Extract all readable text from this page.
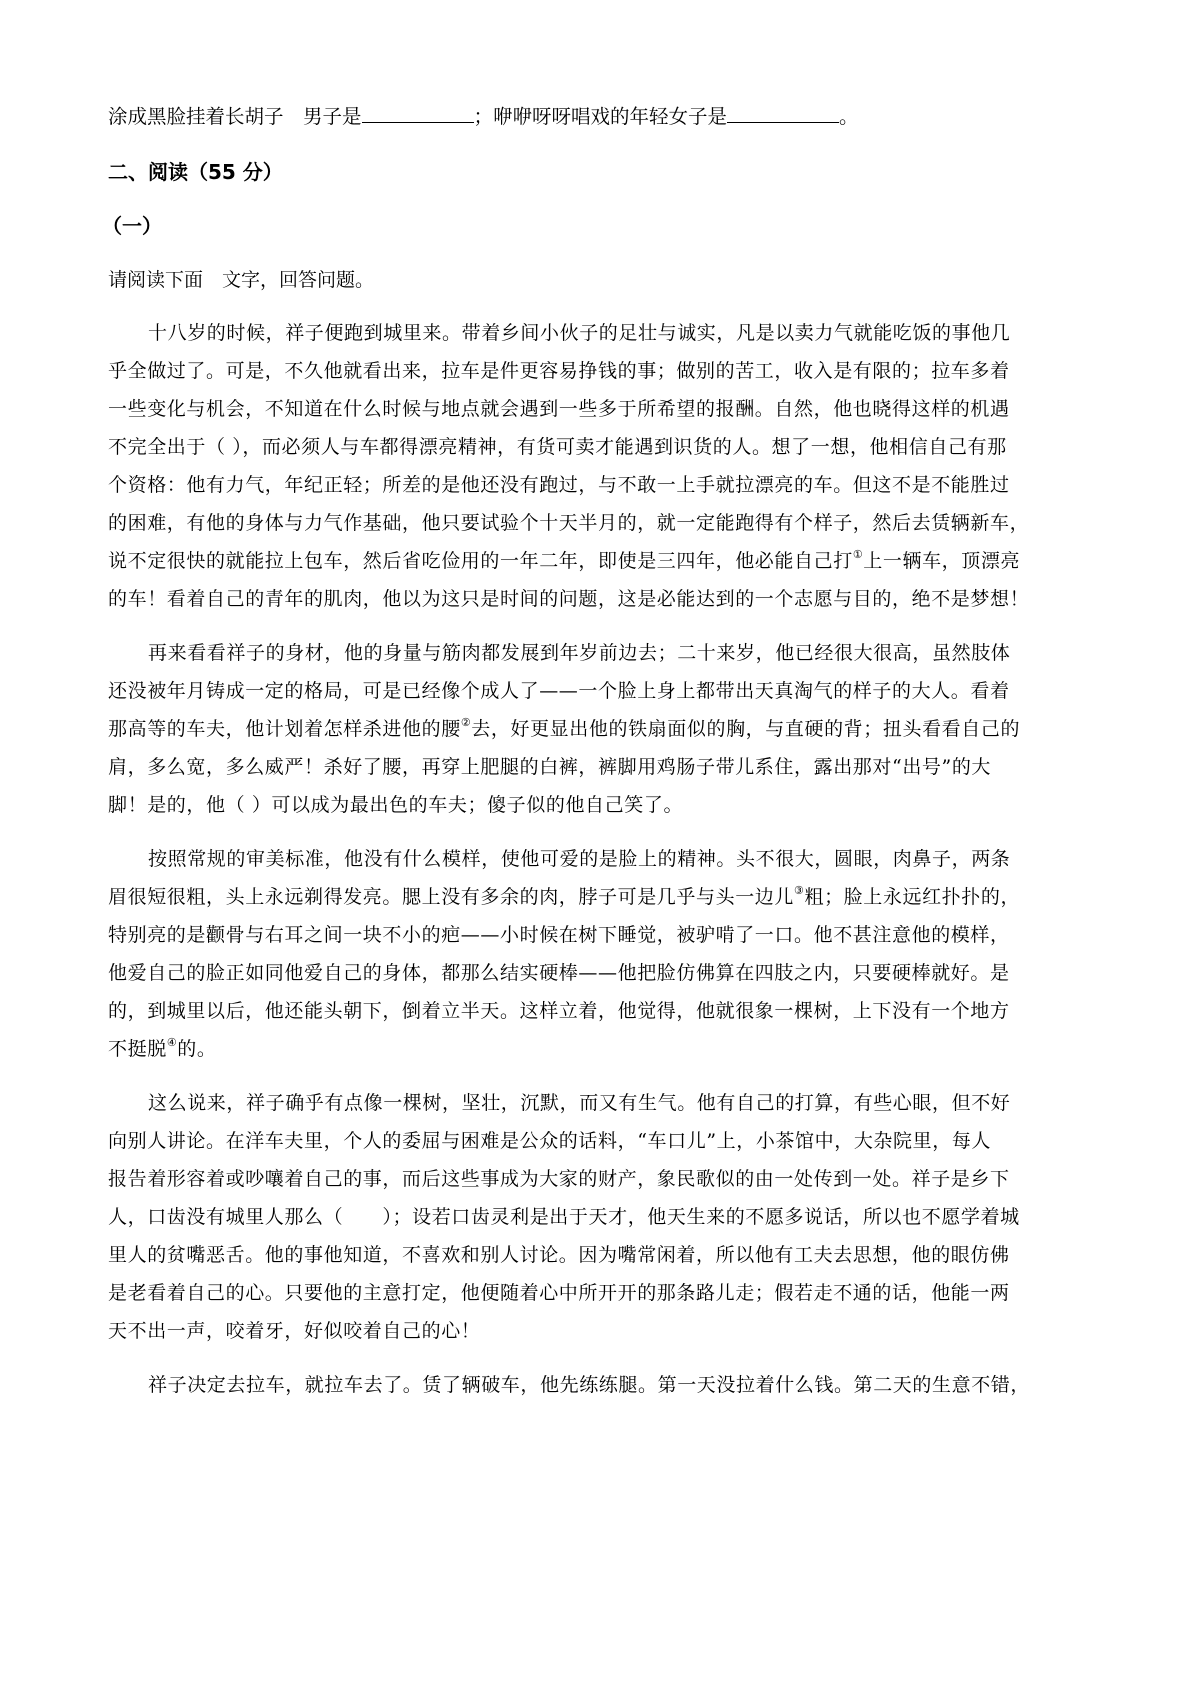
涂成黑脸挂着长胡子　男子是	；咿咿呀呀唱戏的年轻女子是	。

二、阅读（55 分）
（一）

请阅读下面　文字，回答问题。

十八岁的时候，祥子便跑到城里来。带着乡间小伙子的足壮与诚实，凡是以卖力气就能吃饭的事他几

乎全做过了。可是，不久他就看出来，拉车是件更容易挣钱的事；做别的苦工，收入是有限的；拉车多着

一些变化与机会，不知道在什么时候与地点就会遇到一些多于所希望的报酬。自然，他也晓得这样的机遇

不完全出于（ ），而必须人与车都得漂亮精神，有货可卖才能遇到识货的人。想了一想，他相信自己有那

个资格：他有力气，年纪正轻；所差的是他还没有跑过，与不敢一上手就拉漂亮的车。但这不是不能胜过

的困难，有他的身体与力气作基础，他只要试验个十天半月的，就一定能跑得有个样子，然后去赁辆新车，

说不定很快的就能拉上包车，然后省吃俭用的一年二年，即使是三四年，他必能自己打①上一辆车，顶漂亮

的车！看着自己的青年的肌肉，他以为这只是时间的问题，这是必能达到的一个志愿与目的，绝不是梦想！

再来看看祥子的身材，他的身量与筋肉都发展到年岁前边去；二十来岁，他已经很大很高，虽然肢体

还没被年月铸成一定的格局，可是已经像个成人了——一个脸上身上都带出天真淘气的样子的大人。看着

那高等的车夫，他计划着怎样杀进他的腰②去，好更显出他的铁扇面似的胸，与直硬的背；扭头看看自己的

肩，多么宽，多么威严！杀好了腰，再穿上肥腿的白裤，裤脚用鸡肠子带儿系住，露出那对“出号”的大

脚！是的，他（ ）可以成为最出色的车夫；傻子似的他自己笑了。

按照常规的审美标准，他没有什么模样，使他可爱的是脸上的精神。头不很大，圆眼，肉鼻子，两条

眉很短很粗，头上永远剃得发亮。腮上没有多余的肉，脖子可是几乎与头一边儿③粗；脸上永远红扑扑的，

特别亮的是颧骨与右耳之间一块不小的疤——小时候在树下睡觉，被驴啃了一口。他不甚注意他的模样，

他爱自己的脸正如同他爱自己的身体，都那么结实硬棒——他把脸仿佛算在四肢之内，只要硬棒就好。是

的，到城里以后，他还能头朝下，倒着立半天。这样立着，他觉得，他就很象一棵树，上下没有一个地方

不挺脱④的。

这么说来，祥子确乎有点像一棵树，坚壮，沉默，而又有生气。他有自己的打算，有些心眼，但不好

向别人讲论。在洋车夫里，个人的委屈与困难是公众的话料，“车口儿”上，小茶馆中，大杂院里，每人

报告着形容着或吵嚷着自己的事，而后这些事成为大家的财产，象民歌似的由一处传到一处。祥子是乡下

人，口齿没有城里人那么（　　）；设若口齿灵利是出于天才，他天生来的不愿多说话，所以也不愿学着城

里人的贫嘴恶舌。他的事他知道，不喜欢和别人讨论。因为嘴常闲着，所以他有工夫去思想，他的眼仿佛

是老看着自己的心。只要他的主意打定，他便随着心中所开开的那条路儿走；假若走不通的话，他能一两

天不出一声，咬着牙，好似咬着自己的心！

祥子决定去拉车，就拉车去了。赁了辆破车，他先练练腿。第一天没拉着什么钱。第二天的生意不错，
